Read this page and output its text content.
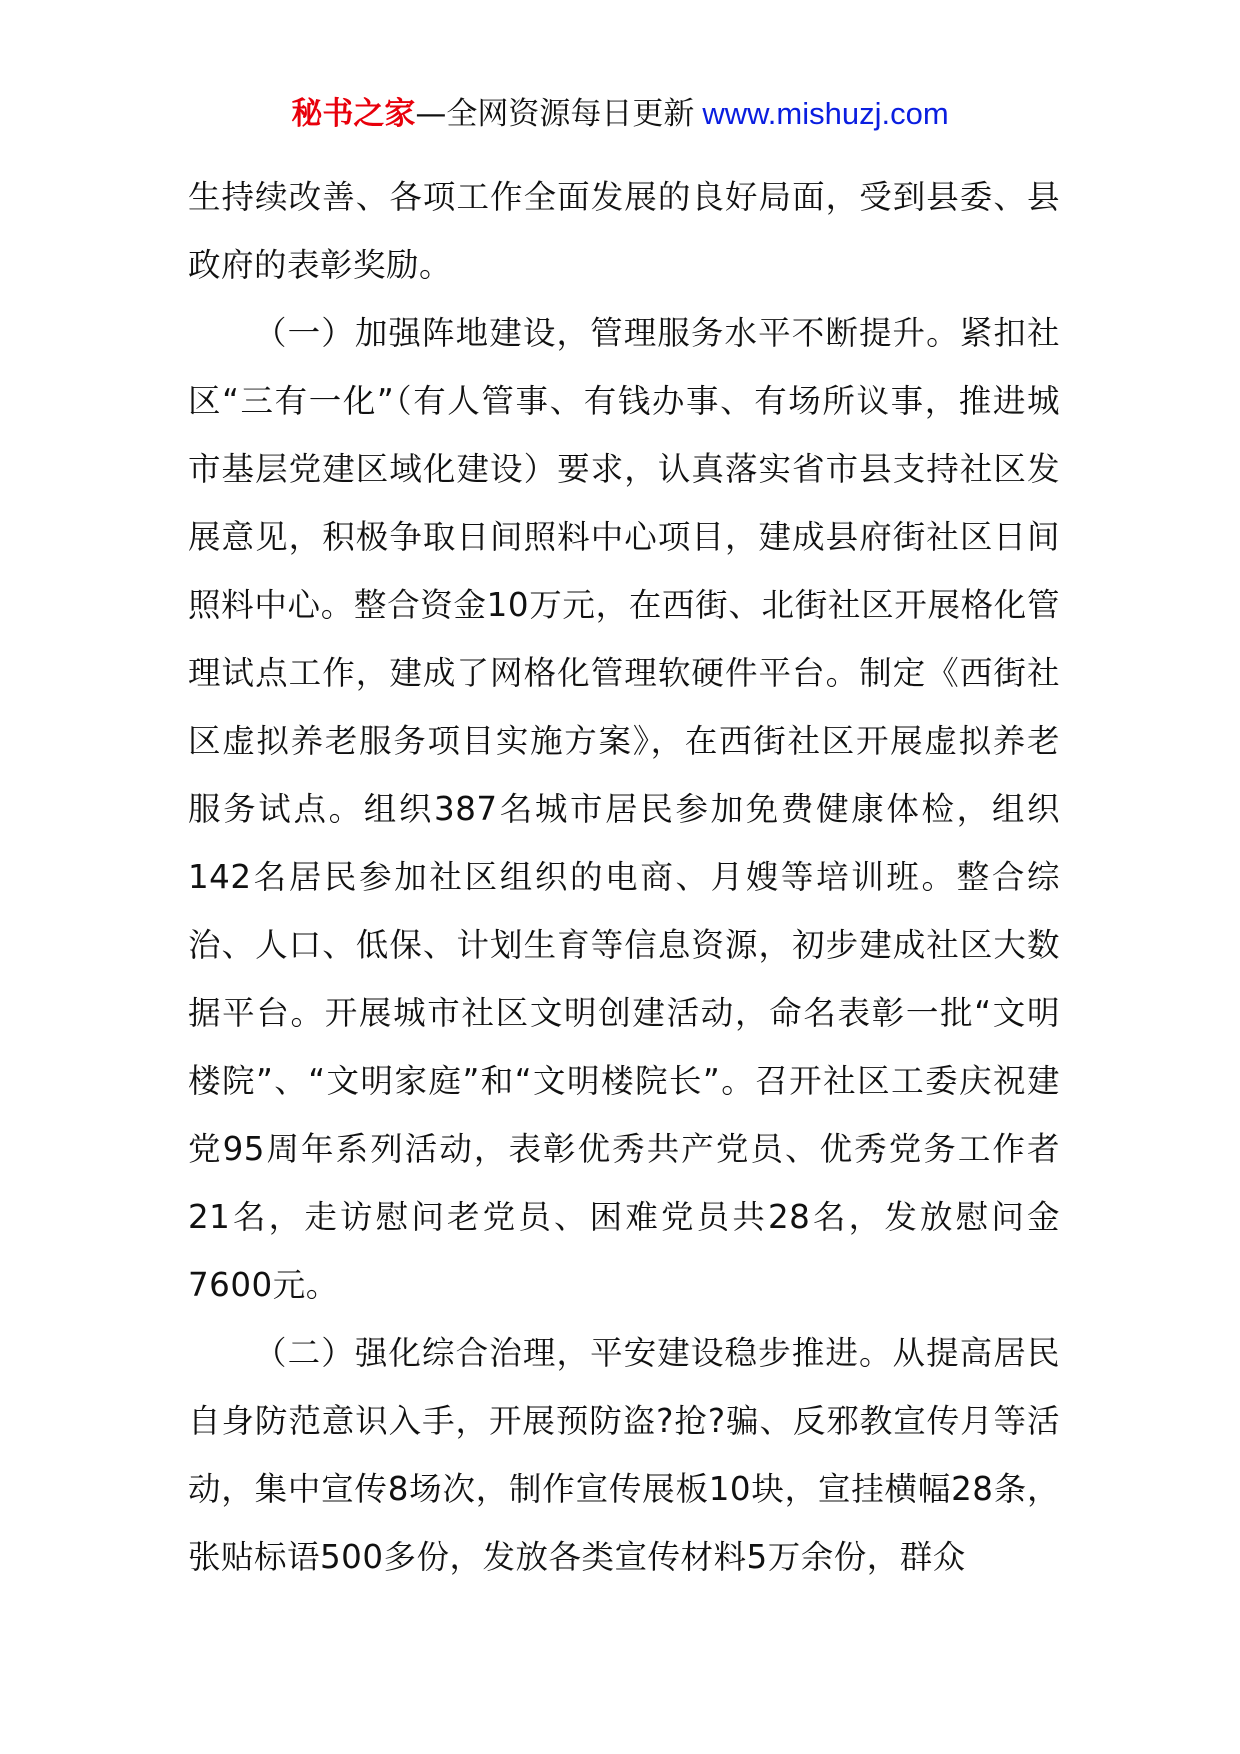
秘书之家—全网资源每日更新 www.mishuzj.com

生持续改善、各项工作全面发展的良好局面，受到县委、县政府的表彰奖励。

（一）加强阵地建设，管理服务水平不断提升。紧扣社区“三有一化”（有人管事、有钱办事、有场所议事，推进城市基层党建区域化建设）要求，认真落实省市县支持社区发展意见，积极争取日间照料中心项目，建成县府街社区日间照料中心。整合资金10万元，在西街、北街社区开展格化管理试点工作，建成了网格化管理软硬件平台。制定《西街社区虚拟养老服务项目实施方案》，在西街社区开展虚拟养老服务试点。组织387名城市居民参加免费健康体检，组织142名居民参加社区组织的电商、月嫂等培训班。整合综治、人口、低保、计划生育等信息资源，初步建成社区大数据平台。开展城市社区文明创建活动，命名表彰一批“文明楼院”、“文明家庭”和“文明楼院长”。召开社区工委庆祝建党95周年系列活动，表彰优秀共产党员、优秀党务工作者21名，走访慰问老党员、困难党员共28名，发放慰问金7600元。

（二）强化综合治理，平安建设稳步推进。从提高居民自身防范意识入手，开展预防盗?抢?骗、反邪教宣传月等活动，集中宣传8场次，制作宣传展板10块，宣挂横幅28条，张贴标语500多份，发放各类宣传材料5万余份，群众
